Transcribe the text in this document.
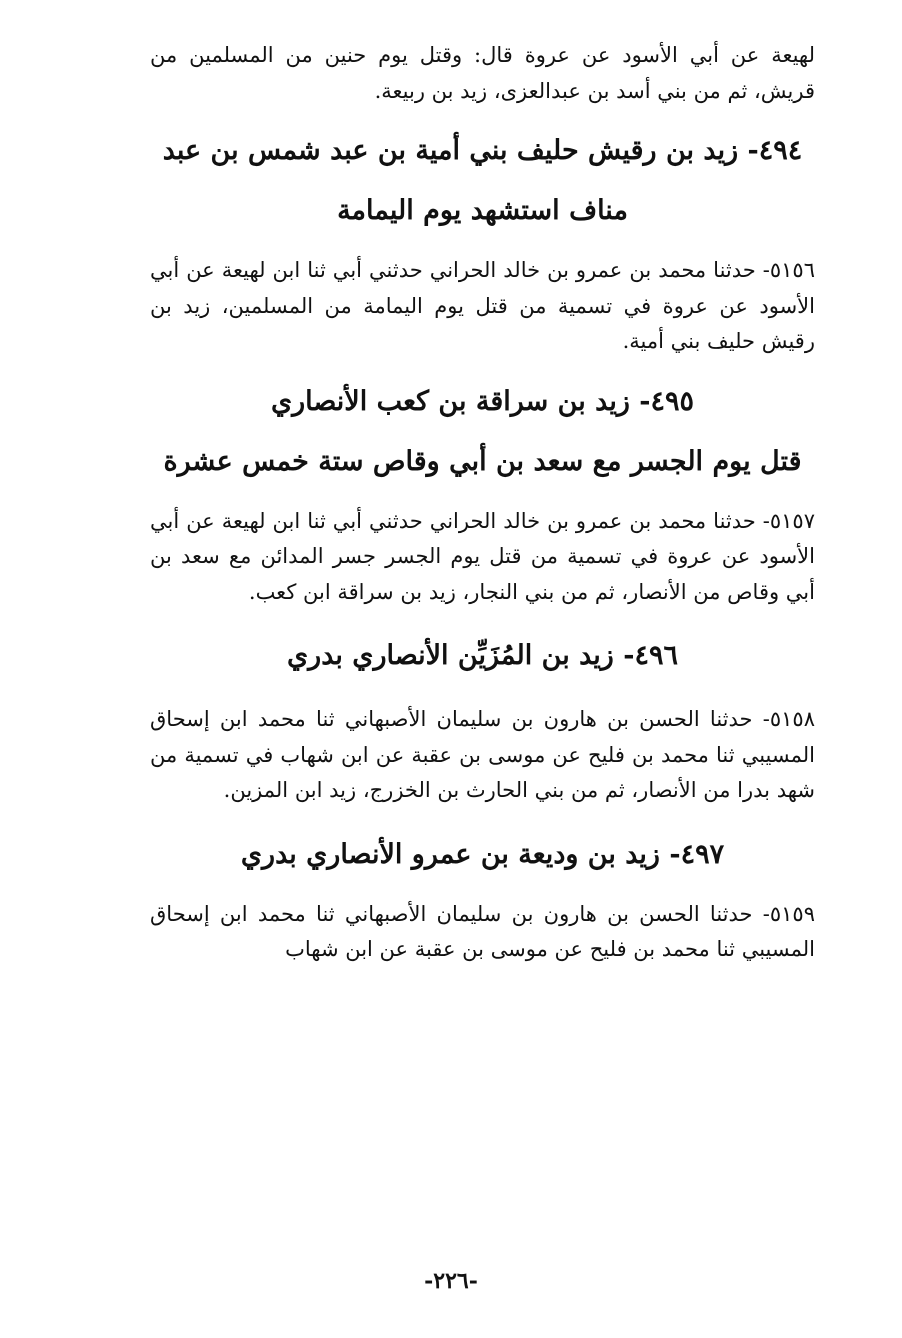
لهيعة عن أبي الأسود عن عروة قال: وقتل يوم حنين من المسلمين من قريش، ثم من بني أسد بن عبدالعزى، زيد بن ربيعة.

٤٩٤- زيد بن رقيش حليف بني أمية بن عبد شمس بن عبد مناف استشهد يوم اليمامة

٥١٥٦- حدثنا محمد بن عمرو بن خالد الحراني حدثني أبي ثنا ابن لهيعة عن أبي الأسود عن عروة في تسمية من قتل يوم اليمامة من المسلمين، زيد بن رقيش حليف بني أمية.

٤٩٥- زيد بن سراقة بن كعب الأنصاري
قتل يوم الجسر مع سعد بن أبي وقاص ستة خمس عشرة

٥١٥٧- حدثنا محمد بن عمرو بن خالد الحراني حدثني أبي ثنا ابن لهيعة عن أبي الأسود عن عروة في تسمية من قتل يوم الجسر جسر المدائن مع سعد بن أبي وقاص من الأنصار، ثم من بني النجار، زيد بن سراقة ابن كعب.

٤٩٦- زيد بن المُزَيِّن الأنصاري بدري

٥١٥٨- حدثنا الحسن بن هارون بن سليمان الأصبهاني ثنا محمد ابن إسحاق المسيبي ثنا محمد بن فليح عن موسى بن عقبة عن ابن شهاب في تسمية من شهد بدرا من الأنصار، ثم من بني الحارث بن الخزرج، زيد ابن المزين.

٤٩٧- زيد بن وديعة بن عمرو الأنصاري بدري

٥١٥٩- حدثنا الحسن بن هارون بن سليمان الأصبهاني ثنا محمد ابن إسحاق المسيبي ثنا محمد بن فليح عن موسى بن عقبة عن ابن شهاب

-٢٢٦-
